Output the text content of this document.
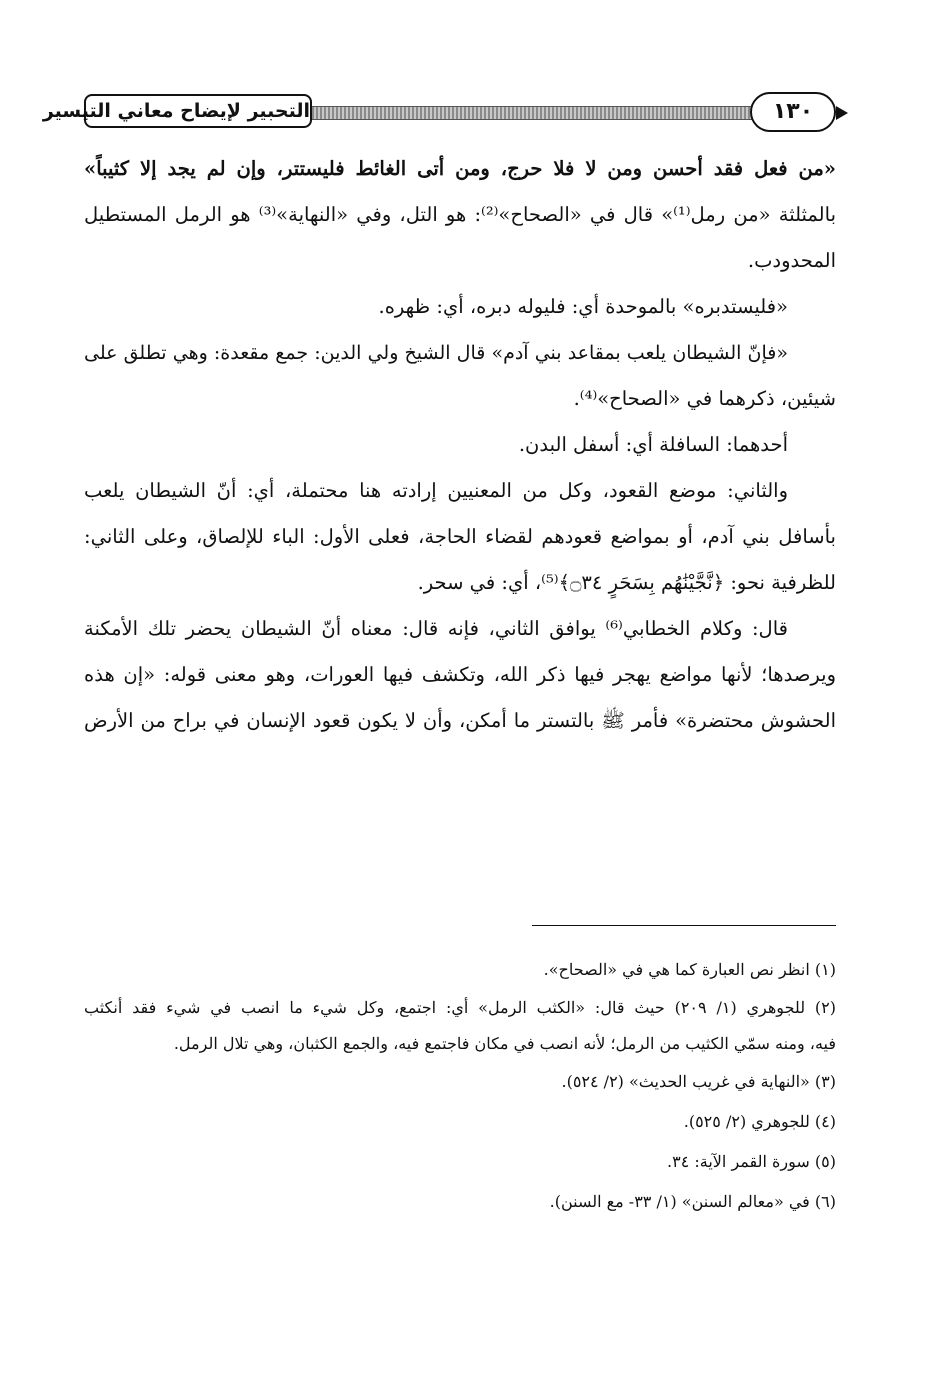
التحبير لإيضاح معاني التيسير	١٣٠
«من فعل فقد أحسن ومن لا فلا حرج، ومن أتى الغائط فليستتر، وإن لم يجد إلا كثيباً»
بالمثلثة «من رمل⁽¹⁾» قال في «الصحاح»⁽²⁾: هو التل، وفي «النهاية»⁽³⁾ هو الرمل المستطيل
المحدودب.
«فليستدبره» بالموحدة أي: فليوله دبره، أي: ظهره.
«فإنّ الشيطان يلعب بمقاعد بني آدم» قال الشيخ ولي الدين: جمع مقعدة: وهي تطلق على
شيئين، ذكرهما في «الصحاح»⁽⁴⁾.
أحدهما: السافلة أي: أسفل البدن.
والثاني: موضع القعود، وكل من المعنيين إرادته هنا محتملة، أي: أنّ الشيطان يلعب
بأسافل بني آدم، أو بمواضع قعودهم لقضاء الحاجة، فعلى الأول: الباء للإلصاق، وعلى الثاني:
للظرفية نحو: ﴿نَّجَّيْنَٰهُم بِسَحَرٍ ۝٣٤﴾⁽⁵⁾، أي: في سحر.
قال: وكلام الخطابي⁽⁶⁾ يوافق الثاني، فإنه قال: معناه أنّ الشيطان يحضر تلك الأمكنة
ويرصدها؛ لأنها مواضع يهجر فيها ذكر الله، وتكشف فيها العورات، وهو معنى قوله: «إن هذه
الحشوش محتضرة» فأمر ﷺ بالتستر ما أمكن، وأن لا يكون قعود الإنسان في براح من الأرض
(١) انظر نص العبارة كما هي في «الصحاح».
(٢) للجوهري (١/ ٢٠٩) حيث قال: «الكثب الرمل» أي: اجتمع، وكل شيء ما انصب في شيء فقد أنكثب
فيه، ومنه سمّي الكثيب من الرمل؛ لأنه انصب في مكان فاجتمع فيه، والجمع الكثبان، وهي تلال الرمل.
(٣) «النهاية في غريب الحديث» (٢/ ٥٢٤).
(٤) للجوهري (٢/ ٥٢٥).
(٥) سورة القمر الآية: ٣٤.
(٦) في «معالم السنن» (١/ ٣٣- مع السنن).
